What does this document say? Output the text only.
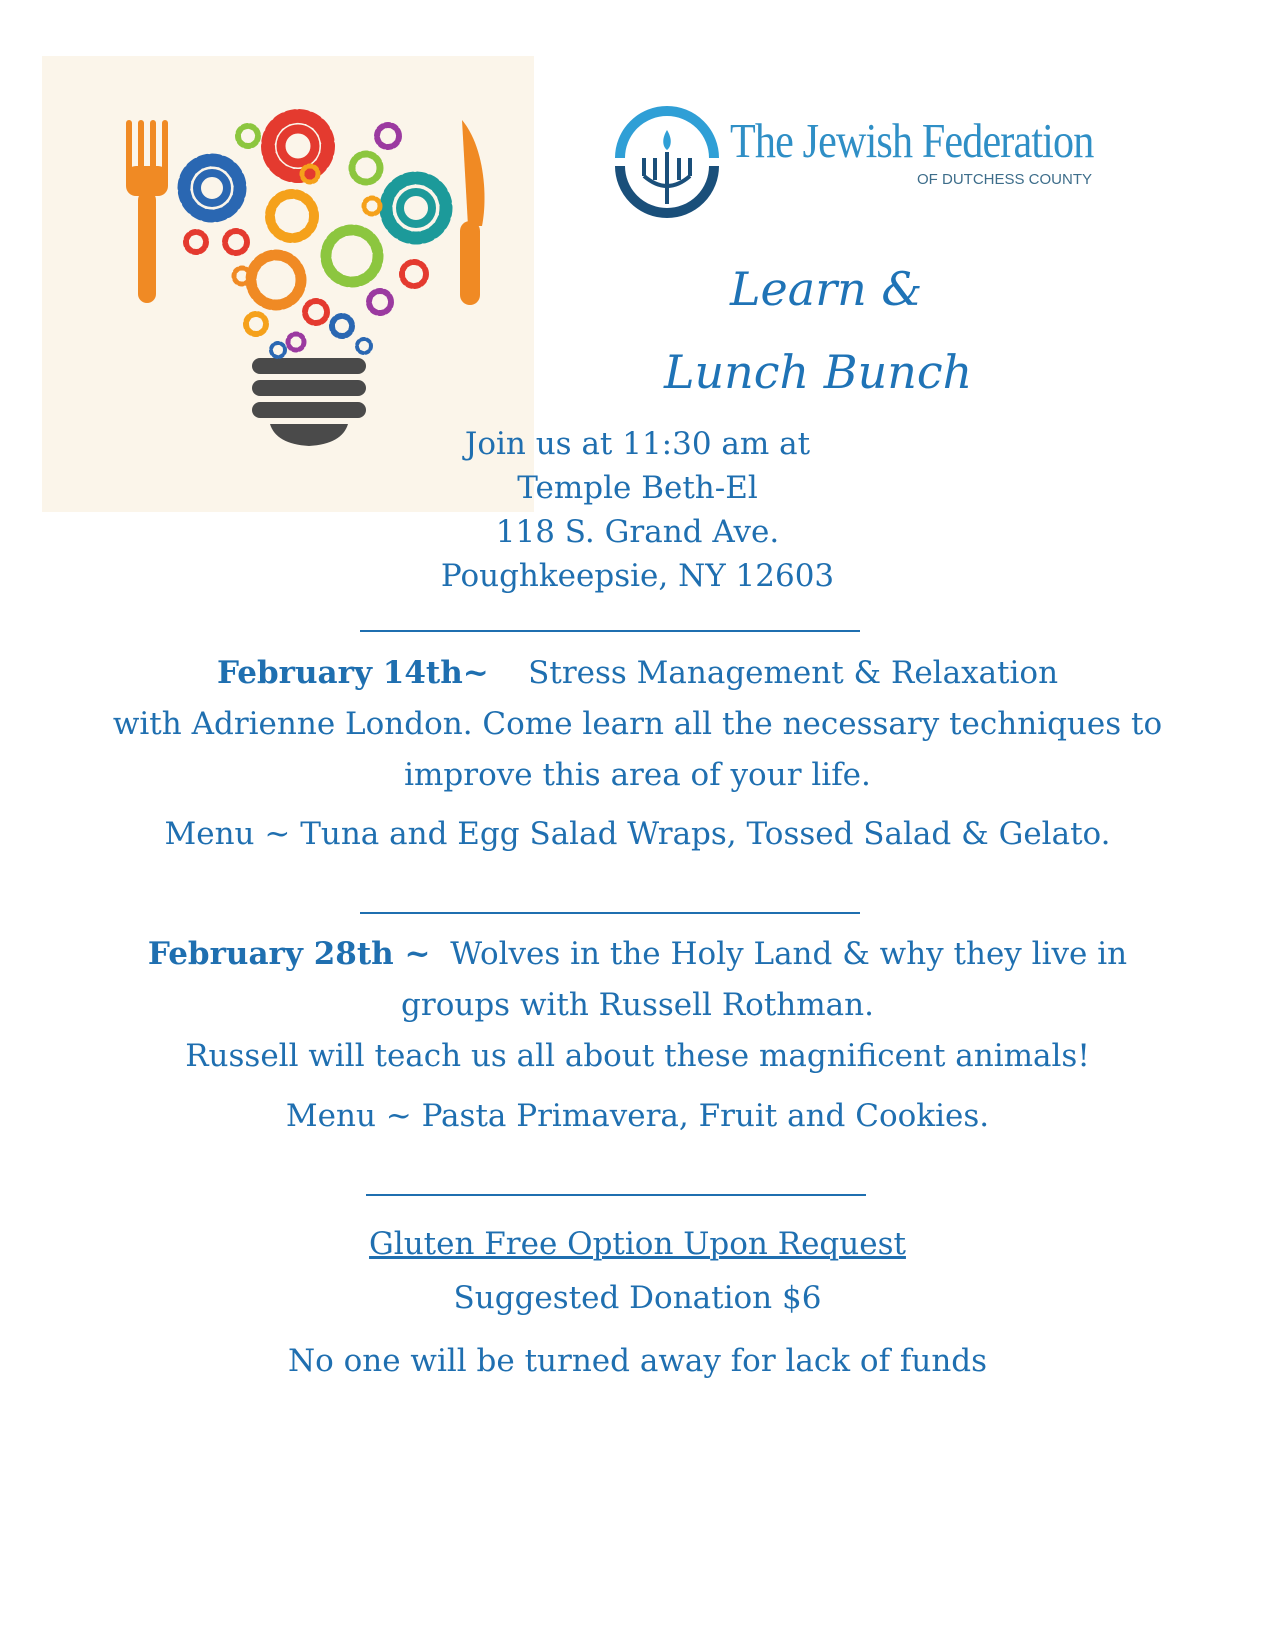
The Jewish Federation
OF DUTCHESS COUNTY
Learn &
Lunch Bunch
Join us at 11:30 am at
Temple Beth-El
118 S. Grand Ave.
Poughkeepsie, NY 12603
February 14th~ Stress Management & Relaxation
with Adrienne London. Come learn all the necessary techniques to
improve this area of your life.
Menu ~ Tuna and Egg Salad Wraps, Tossed Salad & Gelato.
February 28th ~ Wolves in the Holy Land & why they live in
groups with Russell Rothman.
Russell will teach us all about these magnificent animals!
Menu ~ Pasta Primavera, Fruit and Cookies.
Gluten Free Option Upon Request
Suggested Donation $6
No one will be turned away for lack of funds
